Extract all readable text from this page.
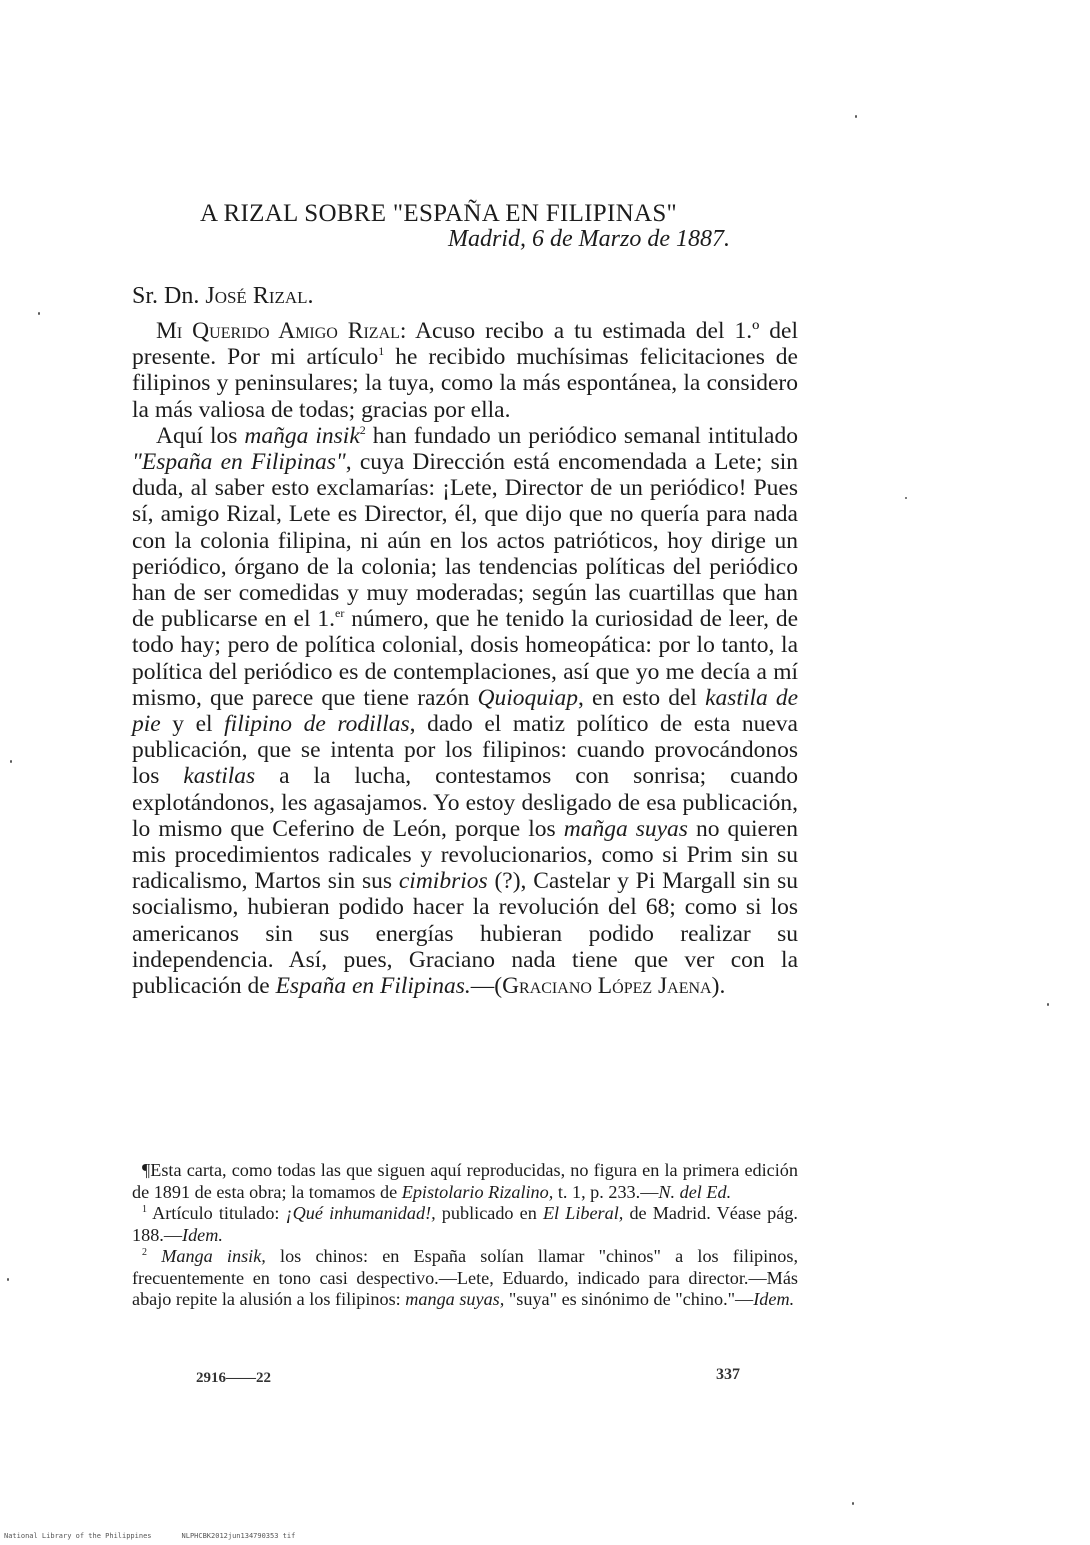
A RIZAL SOBRE "ESPAÑA EN FILIPINAS"
Madrid, 6 de Marzo de 1887.
Sr. Dn. José Rizal.

Mi Querido Amigo Rizal: Acuso recibo a tu estimada del 1.º del presente. Por mi artículo$^1$ he recibido muchísimas felicitaciones de filipinos y peninsulares; la tuya, como la más espontánea, la considero la más valiosa de todas; gracias por ella.

Aquí los mañga insik$^2$ han fundado un periódico semanal intitulado "España en Filipinas", cuya Dirección está encomendada a Lete; sin duda, al saber esto exclamarías: ¡Lete, Director de un periódico! Pues sí, amigo Rizal, Lete es Director, él, que dijo que no quería para nada con la colonia filipina, ni aún en los actos patrióticos, hoy dirige un periódico, órgano de la colonia; las tendencias políticas del periódico han de ser comedidas y muy moderadas; según las cuartillas que han de publicarse en el 1.$^{er}$ número, que he tenido la curiosidad de leer, de todo hay; pero de política colonial, dosis homeopática: por lo tanto, la política del periódico es de contemplaciones, así que yo me decía a mí mismo, que parece que tiene razón Quioquiap, en esto del kastila de pie y el filipino de rodillas, dado el matiz político de esta nueva publicación, que se intenta por los filipinos: cuando provocándonos los kastilas a la lucha, contestamos con sonrisa; cuando explotándonos, les agasajamos. Yo estoy desligado de esa publicación, lo mismo que Ceferino de León, porque los mañga suyas no quieren mis procedimientos radicales y revolucionarios, como si Prim sin su radicalismo, Martos sin sus cimibrios (?), Castelar y Pi Margall sin su socialismo, hubieran podido hacer la revolución del 68; como si los americanos sin sus energías hubieran podido realizar su independencia. Así, pues, Graciano nada tiene que ver con la publicación de España en Filipinas.—(Graciano López Jaena).

¶Esta carta, como todas las que siguen aquí reproducidas, no figura en la primera edición de 1891 de esta obra; la tomamos de Epistolario Rizalino, t. 1, p. 233.—N. del Ed.

$^1$ Artículo titulado: ¡Qué inhumanidad!, publicado en El Liberal, de Madrid. Véase pág. 188.—Idem.

$^2$ Manga insik, los chinos: en España solían llamar "chinos" a los filipinos, frecuentemente en tono casi despectivo.—Lete, Eduardo, indicado para director.—Más abajo repite la alusión a los filipinos: manga suyas, "suya" es sinónimo de "chino."—Idem.

2916——22	337
National Library of the Philippines	NLPHCBK2012jun134790353 tif
